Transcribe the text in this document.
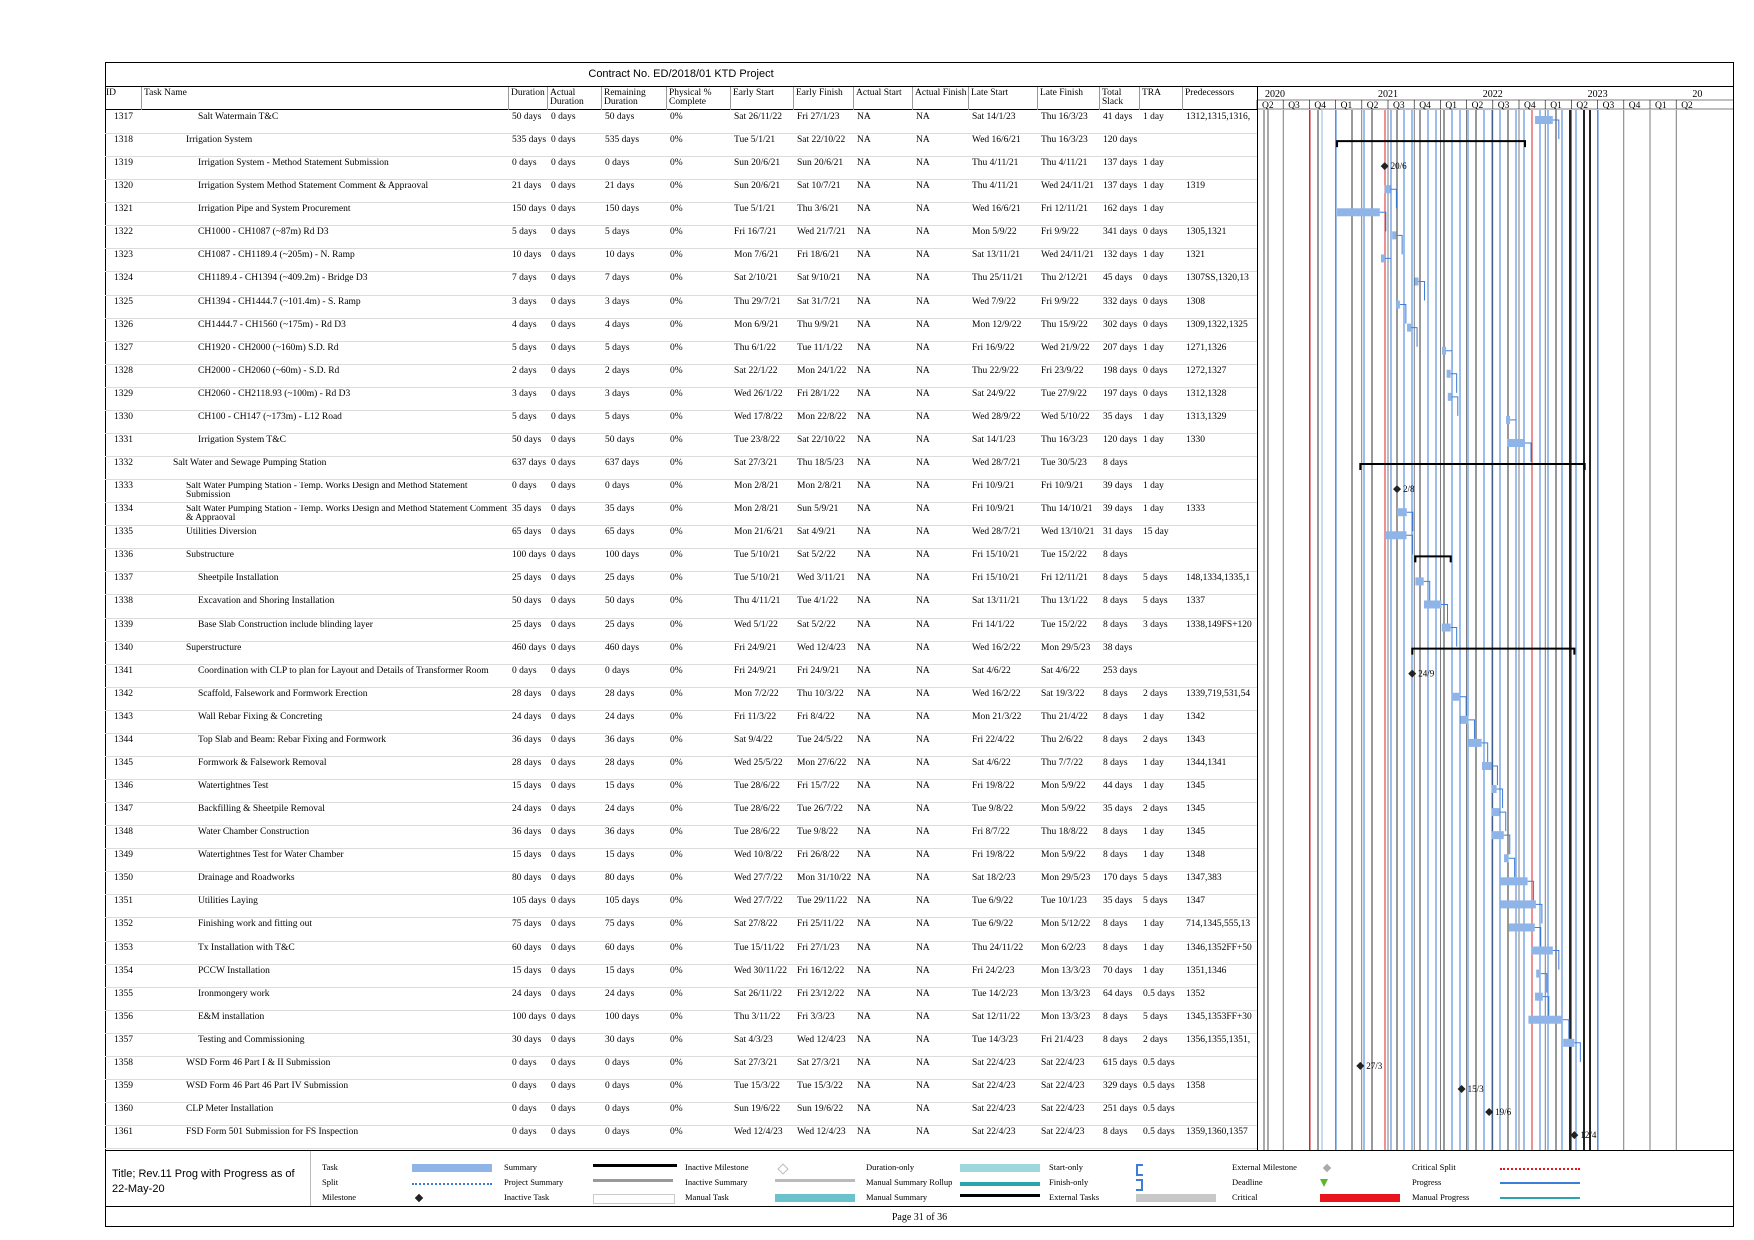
Contract No. ED/2018/01 KTD Project
2020	2021	2022	2023	20
Q2 Q3 Q4 Q1 Q2 Q3 Q4 Q1 Q2 Q3 Q4 Q1 Q2 Q3 Q4 Q1 Q2
20/6
2/8
24/9
27/3
15/3
19/6
12/4
Title; Rev.11 Prog with Progress as of 22-May-20
Page 31 of 36
ID	Task Name	Duration Actual
Duration
Remaining
Duration
Physical %
Complete
Early Start Early Finish Actual Start Actual Finish Late Start	Late Finish Total
Slack
TRA	Predecessors
1317	Salt Watermain T&C	50 days	0 days	50 days	0%	Sat 26/11/22	Fri 27/1/23	NA	NA	Sat 14/1/23	Thu 16/3/23	41 days	1 day	1312,1315,1316,
1318	Irrigation System	535 days 0 days	535 days	0%	Tue 5/1/21	Sat 22/10/22	NA	NA	Wed 16/6/21	Thu 16/3/23	120 days
1319	Irrigation System - Method Statement Submission	0 days	0 days	0 days	0%	Sun 20/6/21	Sun 20/6/21	NA	NA	Thu 4/11/21	Thu 4/11/21	137 days 1 day
1320	Irrigation System Method Statement Comment & Appraoval	21 days	0 days	21 days	0%	Sun 20/6/21	Sat 10/7/21	NA	NA	Thu 4/11/21	Wed 24/11/21 137 days 1 day	1319
1321	Irrigation Pipe and System Procurement	150 days 0 days	150 days	0%	Tue 5/1/21	Thu 3/6/21	NA	NA	Wed 16/6/21	Fri 12/11/21	162 days 1 day
1322	CH1000 - CH1087 (~87m) Rd D3	5 days	0 days	5 days	0%	Fri 16/7/21	Wed 21/7/21	NA	NA	Mon 5/9/22	Fri 9/9/22	341 days 0 days	1305,1321
1323	CH1087 - CH1189.4 (~205m) - N. Ramp	10 days	0 days	10 days	0%	Mon 7/6/21	Fri 18/6/21	NA	NA	Sat 13/11/21	Wed 24/11/21 132 days 1 day	1321
1324	CH1189.4 - CH1394 (~409.2m) - Bridge D3	7 days	0 days	7 days	0%	Sat 2/10/21	Sat 9/10/21	NA	NA	Thu 25/11/21	Thu 2/12/21	45 days	0 days	1307SS,1320,13
1325	CH1394 - CH1444.7 (~101.4m) - S. Ramp	3 days	0 days	3 days	0%	Thu 29/7/21	Sat 31/7/21	NA	NA	Wed 7/9/22	Fri 9/9/22	332 days 0 days	1308
1326	CH1444.7 - CH1560 (~175m) - Rd D3	4 days	0 days	4 days	0%	Mon 6/9/21	Thu 9/9/21	NA	NA	Mon 12/9/22	Thu 15/9/22	302 days 0 days	1309,1322,1325
1327	CH1920 - CH2000 (~160m) S.D. Rd	5 days	0 days	5 days	0%	Thu 6/1/22	Tue 11/1/22	NA	NA	Fri 16/9/22	Wed 21/9/22	207 days 1 day	1271,1326
1328	CH2000 - CH2060 (~60m) - S.D. Rd	2 days	0 days	2 days	0%	Sat 22/1/22	Mon 24/1/22	NA	NA	Thu 22/9/22	Fri 23/9/22	198 days 0 days	1272,1327
1329	CH2060 - CH2118.93 (~100m) - Rd D3	3 days	0 days	3 days	0%	Wed 26/1/22	Fri 28/1/22	NA	NA	Sat 24/9/22	Tue 27/9/22	197 days 0 days	1312,1328
1330	CH100 - CH147 (~173m) - L12 Road	5 days	0 days	5 days	0%	Wed 17/8/22	Mon 22/8/22	NA	NA	Wed 28/9/22	Wed 5/10/22	35 days	1 day	1313,1329
1331	Irrigation System T&C	50 days	0 days	50 days	0%	Tue 23/8/22	Sat 22/10/22	NA	NA	Sat 14/1/23	Thu 16/3/23	120 days 1 day	1330
1332	Salt Water and Sewage Pumping Station	637 days 0 days	637 days	0%	Sat 27/3/21	Thu 18/5/23	NA	NA	Wed 28/7/21	Tue 30/5/23	8 days
1333	Salt Water Pumping Station - Temp. Works Design and Method Statement
Submission
0 days	0 days	0 days	0%	Mon 2/8/21	Mon 2/8/21	NA	NA	Fri 10/9/21	Fri 10/9/21	39 days	1 day
1334	Salt Water Pumping Station - Temp. Works Design and Method Statement Comment
& Appraoval
35 days	0 days	35 days	0%	Mon 2/8/21	Sun 5/9/21	NA	NA	Fri 10/9/21	Thu 14/10/21	39 days	1 day	1333
1335	Utilities Diversion	65 days	0 days	65 days	0%	Mon 21/6/21	Sat 4/9/21	NA	NA	Wed 28/7/21	Wed 13/10/21 31 days	15 day
1336	Substructure	100 days 0 days	100 days	0%	Tue 5/10/21	Sat 5/2/22	NA	NA	Fri 15/10/21	Tue 15/2/22	8 days
1337	Sheetpile Installation	25 days	0 days	25 days	0%	Tue 5/10/21	Wed 3/11/21	NA	NA	Fri 15/10/21	Fri 12/11/21	8 days	5 days	148,1334,1335,1
1338	Excavation and Shoring Installation	50 days	0 days	50 days	0%	Thu 4/11/21	Tue 4/1/22	NA	NA	Sat 13/11/21	Thu 13/1/22	8 days	5 days	1337
1339	Base Slab Construction include blinding layer	25 days	0 days	25 days	0%	Wed 5/1/22	Sat 5/2/22	NA	NA	Fri 14/1/22	Tue 15/2/22	8 days	3 days	1338,149FS+120
1340	Superstructure	460 days 0 days	460 days	0%	Fri 24/9/21	Wed 12/4/23	NA	NA	Wed 16/2/22	Mon 29/5/23	38 days
1341	Coordination with CLP to plan for Layout and Details of Transformer Room	0 days	0 days	0 days	0%	Fri 24/9/21	Fri 24/9/21	NA	NA	Sat 4/6/22	Sat 4/6/22	253 days
1342	Scaffold, Falsework and Formwork Erection	28 days	0 days	28 days	0%	Mon 7/2/22	Thu 10/3/22	NA	NA	Wed 16/2/22	Sat 19/3/22	8 days	2 days	1339,719,531,54
1343	Wall Rebar Fixing & Concreting	24 days	0 days	24 days	0%	Fri 11/3/22	Fri 8/4/22	NA	NA	Mon 21/3/22	Thu 21/4/22	8 days	1 day	1342
1344	Top Slab and Beam: Rebar Fixing and Formwork	36 days	0 days	36 days	0%	Sat 9/4/22	Tue 24/5/22	NA	NA	Fri 22/4/22	Thu 2/6/22	8 days	2 days	1343
1345	Formwork & Falsework Removal	28 days	0 days	28 days	0%	Wed 25/5/22	Mon 27/6/22	NA	NA	Sat 4/6/22	Thu 7/7/22	8 days	1 day	1344,1341
1346	Watertightnes Test	15 days	0 days	15 days	0%	Tue 28/6/22	Fri 15/7/22	NA	NA	Fri 19/8/22	Mon 5/9/22	44 days	1 day	1345
1347	Backfilling & Sheetpile Removal	24 days	0 days	24 days	0%	Tue 28/6/22	Tue 26/7/22	NA	NA	Tue 9/8/22	Mon 5/9/22	35 days	2 days	1345
1348	Water Chamber Construction	36 days	0 days	36 days	0%	Tue 28/6/22	Tue 9/8/22	NA	NA	Fri 8/7/22	Thu 18/8/22	8 days	1 day	1345
1349	Watertightnes Test for Water Chamber	15 days	0 days	15 days	0%	Wed 10/8/22	Fri 26/8/22	NA	NA	Fri 19/8/22	Mon 5/9/22	8 days	1 day	1348
1350	Drainage and Roadworks	80 days	0 days	80 days	0%	Wed 27/7/22	Mon 31/10/22 NA	NA	Sat 18/2/23	Mon 29/5/23	170 days 5 days	1347,383
1351	Utilities Laying	105 days 0 days	105 days	0%	Wed 27/7/22	Tue 29/11/22	NA	NA	Tue 6/9/22	Tue 10/1/23	35 days	5 days	1347
1352	Finishing work and fitting out	75 days	0 days	75 days	0%	Sat 27/8/22	Fri 25/11/22	NA	NA	Tue 6/9/22	Mon 5/12/22	8 days	1 day	714,1345,555,13
1353	Tx Installation with T&C	60 days	0 days	60 days	0%	Tue 15/11/22	Fri 27/1/23	NA	NA	Thu 24/11/22	Mon 6/2/23	8 days	1 day	1346,1352FF+50
1354	PCCW Installation	15 days	0 days	15 days	0%	Wed 30/11/22	Fri 16/12/22	NA	NA	Fri 24/2/23	Mon 13/3/23	70 days	1 day	1351,1346
1355	Ironmongery work	24 days	0 days	24 days	0%	Sat 26/11/22	Fri 23/12/22	NA	NA	Tue 14/2/23	Mon 13/3/23	64 days	0.5 days	1352
1356	E&M installation	100 days 0 days	100 days	0%	Thu 3/11/22	Fri 3/3/23	NA	NA	Sat 12/11/22	Mon 13/3/23	8 days	5 days	1345,1353FF+30
1357	Testing and Commissioning	30 days	0 days	30 days	0%	Sat 4/3/23	Wed 12/4/23	NA	NA	Tue 14/3/23	Fri 21/4/23	8 days	2 days	1356,1355,1351,
1358	WSD Form 46 Part I & II Submission	0 days	0 days	0 days	0%	Sat 27/3/21	Sat 27/3/21	NA	NA	Sat 22/4/23	Sat 22/4/23	615 days 0.5 days
1359	WSD Form 46 Part 46 Part IV Submission	0 days	0 days	0 days	0%	Tue 15/3/22	Tue 15/3/22	NA	NA	Sat 22/4/23	Sat 22/4/23	329 days 0.5 days	1358
1360	CLP Meter Installation	0 days	0 days	0 days	0%	Sun 19/6/22	Sun 19/6/22	NA	NA	Sat 22/4/23	Sat 22/4/23	251 days 0.5 days
1361	FSD Form 501 Submission for FS Inspection	0 days	0 days	0 days	0%	Wed 12/4/23	Wed 12/4/23	NA	NA	Sat 22/4/23	Sat 22/4/23	8 days	0.5 days	1359,1360,1357
Task
Split
Milestone
Summary
Project Summary
Inactive Task
Inactive Milestone
Inactive Summary
Manual Task
Duration-only
Manual Summary Rollup
Manual Summary
Start-only
Finish-only
External Tasks
External Milestone
Deadline
Critical
Critical Split
Progress
Manual Progress
